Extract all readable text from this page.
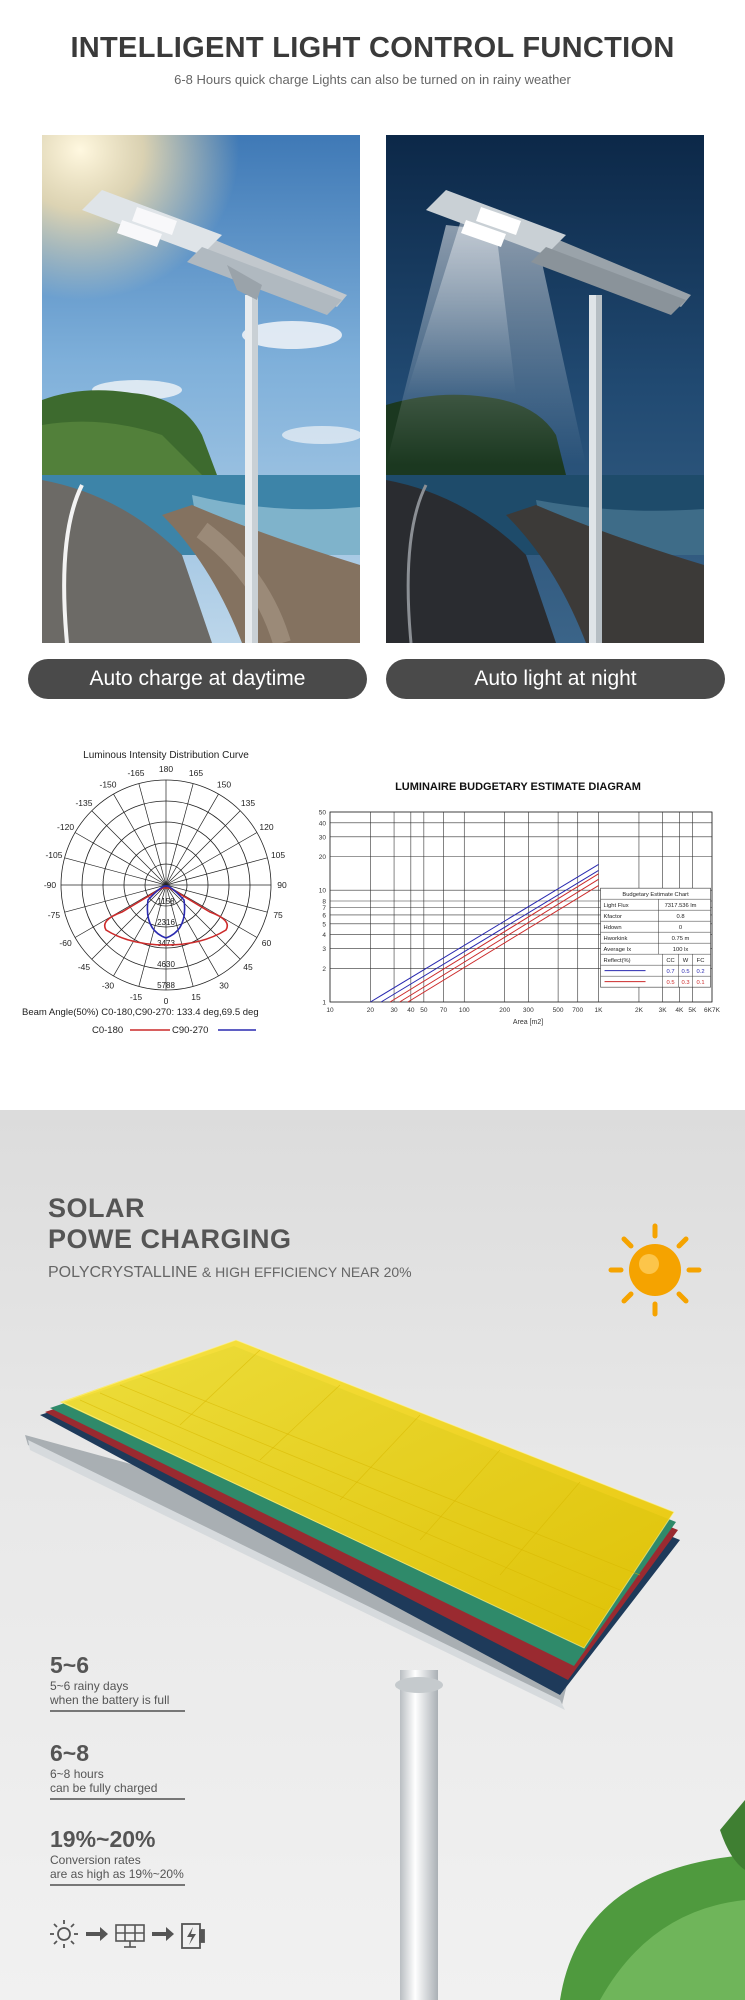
INTELLIGENT LIGHT CONTROL FUNCTION
6-8 Hours quick charge Lights can also be turned on in rainy weather
Auto charge at daytime	Auto light at night
Luminous Intensity Distribution Curve
-165 180 165
-150	150
-135	135
-120	120
-105	105
-90	90
-75	75
-60	60
-45	45
-30	30
-15	0	15
1158
2316
3473
4630
5788
Beam Angle(50%) C0-180,C90-270: 133.4 deg,69.5 deg
C0-180	C90-270
LUMINAIRE BUDGETARY ESTIMATE DIAGRAM
10	20	30 40 50 70 100	200 300	500 700 1K	2K 3K 4K 5K 6K7K
1
2
3
4
5
6
7
8
10
20
30
40
50
Area [m2]
Budgetary Estimate Chart
Light Flux	7317.536 lm
Kfactor	0.8
Hdown	0
Hworkink	0.75 m
Average Ix	100 lx
Reflect(%)	CC W FC
0.7 0.5 0.2
0.5 0.3 0.1
SOLAR
POWE CHARGING
POLYCRYSTALLINE & HIGH EFFICIENCY NEAR 20%
5~6
5~6 rainy days
when the battery is full
6~8
6~8 hours
can be fully charged
19%~20%
Conversion rates
are as high as 19%~20%
